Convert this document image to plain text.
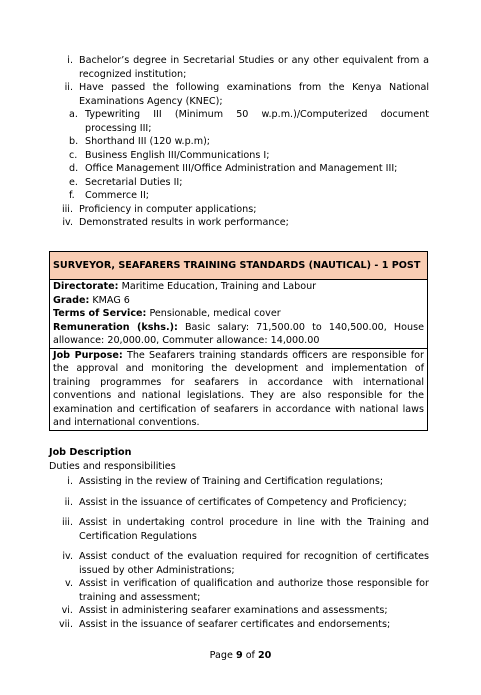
i. Bachelor’s degree in Secretarial Studies or any other equivalent from a recognized institution;
ii. Have passed the following examinations from the Kenya National Examinations Agency (KNEC);
a. Typewriting III (Minimum 50 w.p.m.)/Computerized document processing III;
b. Shorthand III (120 w.p.m);
c. Business English III/Communications I;
d. Office Management III/Office Administration and Management III;
e. Secretarial Duties II;
f.	Commerce II;
iii. Proficiency in computer applications;
iv. Demonstrated results in work performance;
SURVEYOR, SEAFARERS TRAINING STANDARDS (NAUTICAL) - 1 POST
Directorate: Maritime Education, Training and Labour
Grade: KMAG 6
Terms of Service: Pensionable, medical cover
Remuneration (kshs.): Basic salary: 71,500.00 to 140,500.00, House allowance: 20,000.00, Commuter allowance: 14,000.00
Job Purpose: The Seafarers training standards officers are responsible for the approval and monitoring the development and implementation of training programmes for seafarers in accordance with international conventions and national legislations. They are also responsible for the examination and certification of seafarers in accordance with national laws and international conventions.
Job Description
Duties and responsibilities
i. Assisting in the review of Training and Certification regulations;
ii. Assist in the issuance of certificates of Competency and Proficiency;
iii. Assist in undertaking control procedure in line with the Training and Certification Regulations
iv. Assist conduct of the evaluation required for recognition of certificates issued by other Administrations;
v. Assist in verification of qualification and authorize those responsible for training and assessment;
vi. Assist in administering seafarer examinations and assessments;
vii. Assist in the issuance of seafarer certificates and endorsements;
Page 9 of 20
